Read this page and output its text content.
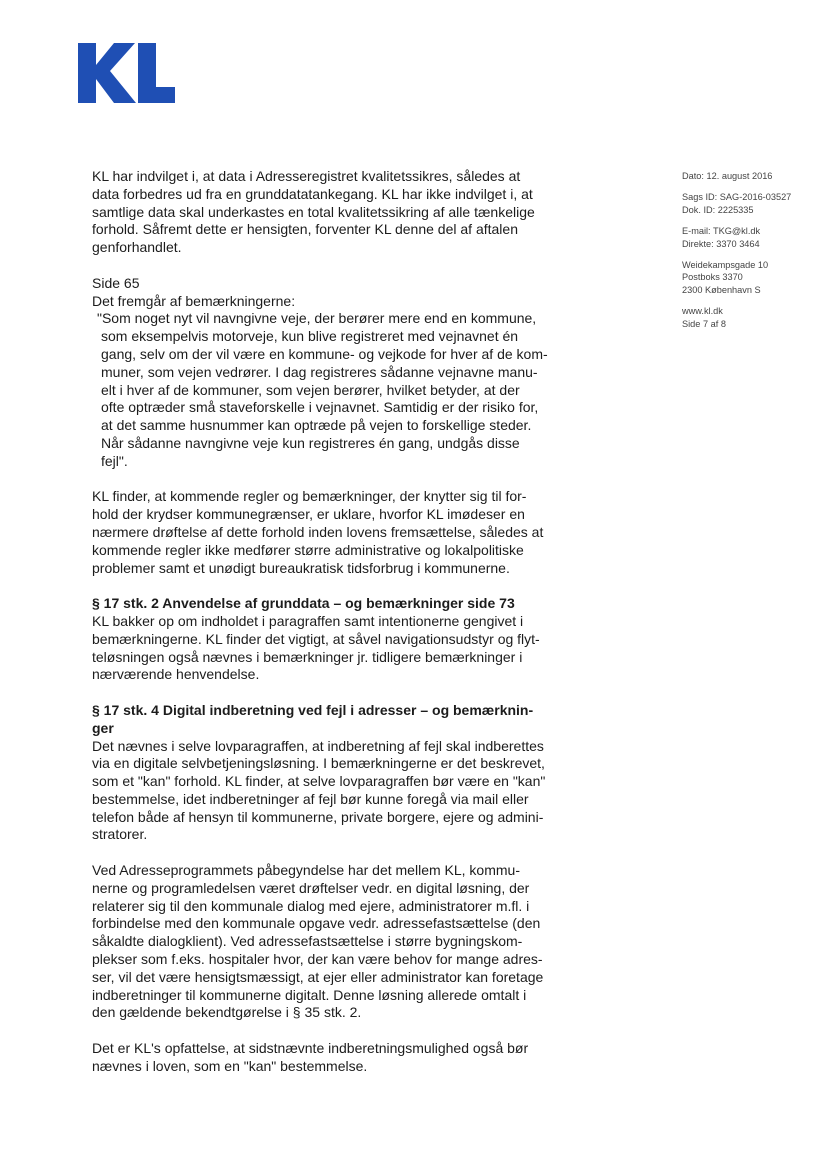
Dato: 12. august 2016
Sags ID: SAG-2016-03527
Dok. ID: 2225335
E-mail: TKG@kl.dk
Direkte: 3370 3464
Weidekampsgade 10
Postboks 3370
2300 København S
www.kl.dk
Side 7 af 8
KL har indvilget i, at data i Adresseregistret kvalitetssikres, således at
data forbedres ud fra en grunddatatankegang. KL har ikke indvilget i, at
samtlige data skal underkastes en total kvalitetssikring af alle tænkelige
forhold. Såfremt dette er hensigten, forventer KL denne del af aftalen
genforhandlet.
Side 65
Det fremgår af bemærkningerne:
"Som noget nyt vil navngivne veje, der berører mere end en kommune,
som eksempelvis motorveje, kun blive registreret med vejnavnet én
gang, selv om der vil være en kommune- og vejkode for hver af de kom-
muner, som vejen vedrører. I dag registreres sådanne vejnavne manu-
elt i hver af de kommuner, som vejen berører, hvilket betyder, at der
ofte optræder små staveforskelle i vejnavnet. Samtidig er der risiko for,
at det samme husnummer kan optræde på vejen to forskellige steder.
Når sådanne navngivne veje kun registreres én gang, undgås disse
fejl".
KL finder, at kommende regler og bemærkninger, der knytter sig til for-
hold der krydser kommunegrænser, er uklare, hvorfor KL imødeser en
nærmere drøftelse af dette forhold inden lovens fremsættelse, således at
kommende regler ikke medfører større administrative og lokalpolitiske
problemer samt et unødigt bureaukratisk tidsforbrug i kommunerne.
§ 17 stk. 2 Anvendelse af grunddata – og bemærkninger side 73
KL bakker op om indholdet i paragraffen samt intentionerne gengivet i
bemærkningerne. KL finder det vigtigt, at såvel navigationsudstyr og flyt-
teløsningen også nævnes i bemærkninger jr. tidligere bemærkninger i
nærværende henvendelse.
§ 17 stk. 4 Digital indberetning ved fejl i adresser – og bemærknin-
ger
Det nævnes i selve lovparagraffen, at indberetning af fejl skal indberettes
via en digitale selvbetjeningsløsning. I bemærkningerne er det beskrevet,
som et "kan" forhold. KL finder, at selve lovparagraffen bør være en "kan"
bestemmelse, idet indberetninger af fejl bør kunne foregå via mail eller
telefon både af hensyn til kommunerne, private borgere, ejere og admini-
stratorer.
Ved Adresseprogrammets påbegyndelse har det mellem KL, kommu-
nerne og programledelsen været drøftelser vedr. en digital løsning, der
relaterer sig til den kommunale dialog med ejere, administratorer m.fl. i
forbindelse med den kommunale opgave vedr. adressefastsættelse (den
såkaldte dialogklient). Ved adressefastsættelse i større bygningskom-
plekser som f.eks. hospitaler hvor, der kan være behov for mange adres-
ser, vil det være hensigtsmæssigt, at ejer eller administrator kan foretage
indberetninger til kommunerne digitalt. Denne løsning allerede omtalt i
den gældende bekendtgørelse i § 35 stk. 2.
Det er KL's opfattelse, at sidstnævnte indberetningsmulighed også bør
nævnes i loven, som en "kan" bestemmelse.
